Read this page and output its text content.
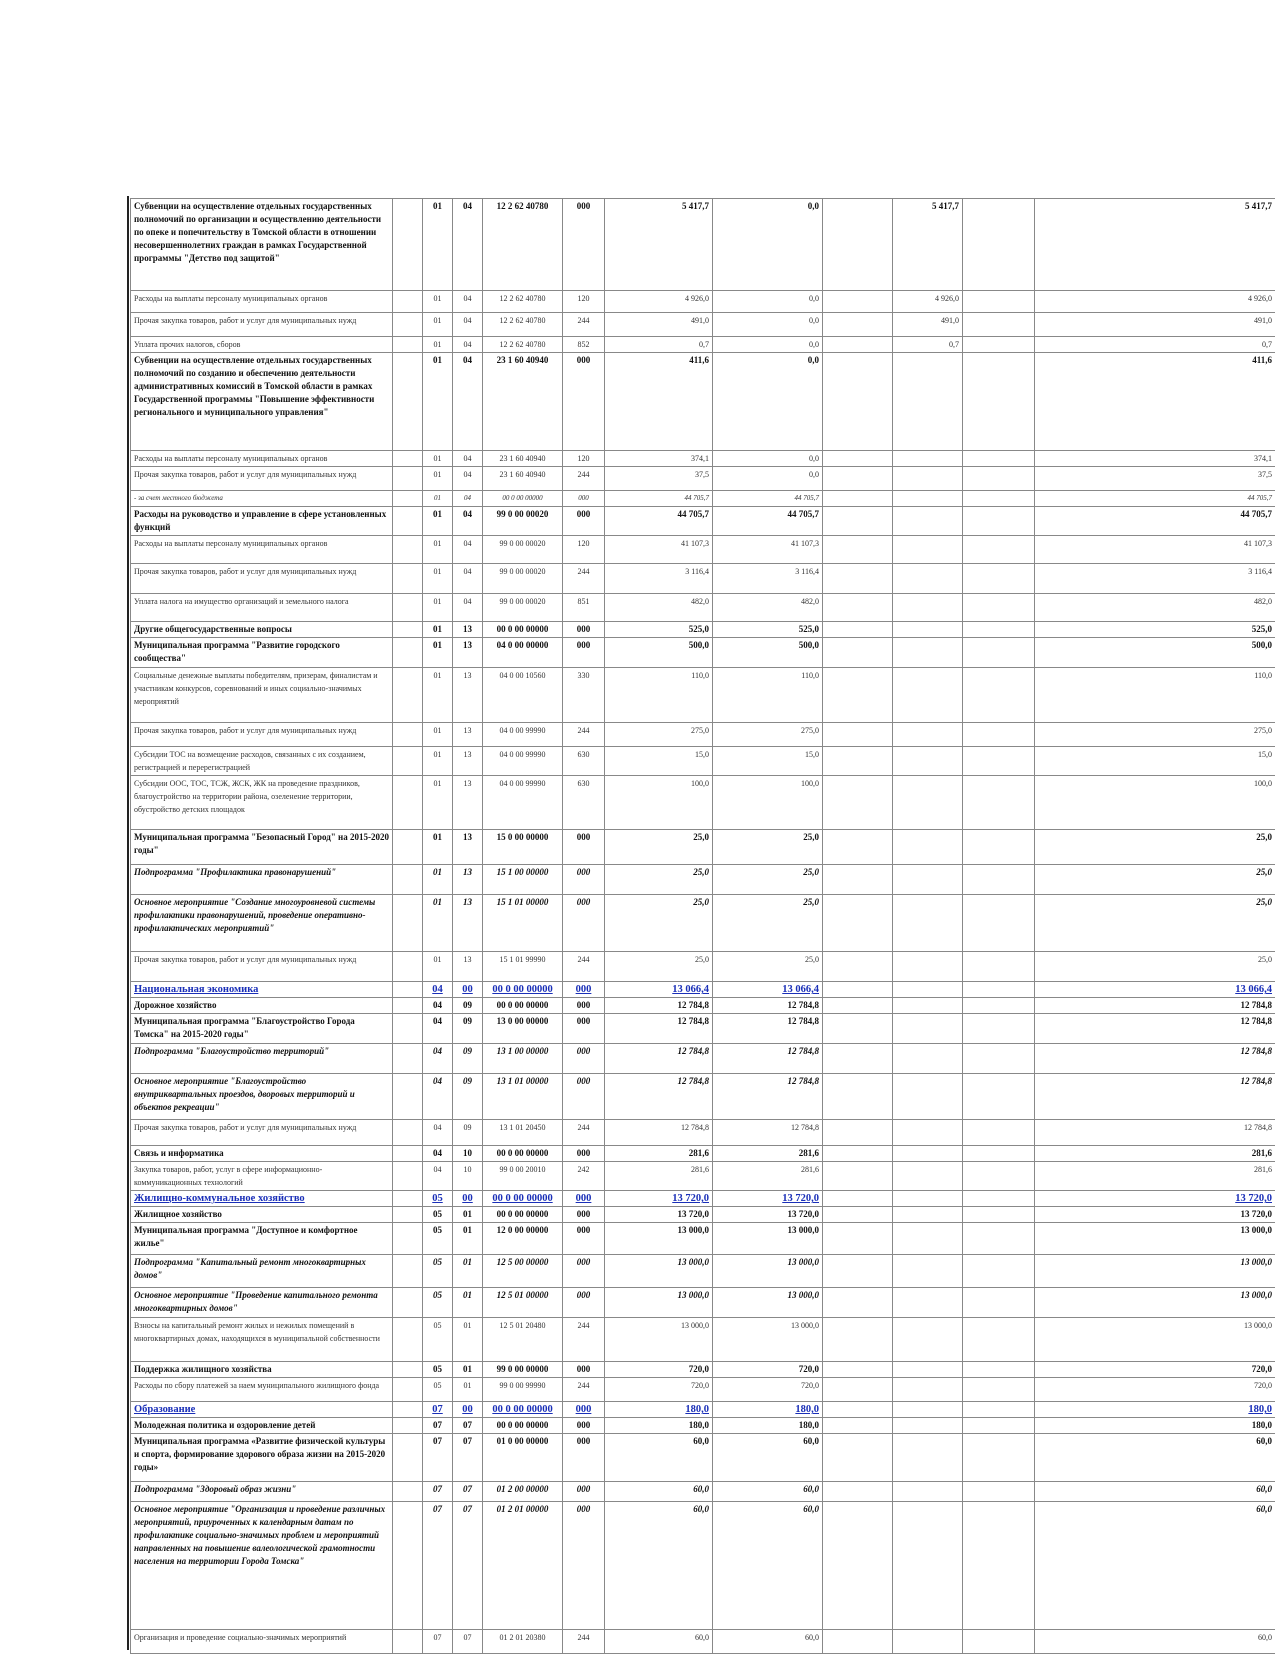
Субвенции на осуществление отдельных государственных полномочий по организации и осуществлению деятельности по опеке и попечительству в Томской области в отношении несовершеннолетних граждан в рамках Государственной программы "Детство под защитой"		01	04	12 2 62 40780	000	5 417,7	0,0		5 417,7		5 417,7
Расходы на выплаты персоналу муниципальных органов		01	04	12 2 62 40780	120	4 926,0	0,0		4 926,0		4 926,0
Прочая закупка товаров, работ и услуг для муниципальных нужд		01	04	12 2 62 40780	244	491,0	0,0		491,0		491,0
Уплата прочих налогов, сборов		01	04	12 2 62 40780	852	0,7	0,0		0,7		0,7
Субвенции на осуществление отдельных государственных полномочий по созданию и обеспечению деятельности административных комиссий в Томской области в рамках Государственной программы "Повышение эффективности регионального и муниципального управления"		01	04	23 1 60 40940	000	411,6	0,0				411,6
Расходы на выплаты персоналу муниципальных органов		01	04	23 1 60 40940	120	374,1	0,0				374,1
Прочая закупка товаров, работ и услуг для муниципальных нужд		01	04	23 1 60 40940	244	37,5	0,0				37,5
- за счет местного бюджета		01	04	00 0 00 00000	000	44 705,7	44 705,7				44 705,7
Расходы на руководство и управление в сфере установленных функций		01	04	99 0 00 00020	000	44 705,7	44 705,7				44 705,7
Расходы на выплаты персоналу муниципальных органов		01	04	99 0 00 00020	120	41 107,3	41 107,3				41 107,3
Прочая закупка товаров, работ и услуг для муниципальных нужд		01	04	99 0 00 00020	244	3 116,4	3 116,4				3 116,4
Уплата налога на имущество организаций и земельного налога		01	04	99 0 00 00020	851	482,0	482,0				482,0
Другие общегосударственные вопросы		01	13	00 0 00 00000	000	525,0	525,0				525,0
Муниципальная программа "Развитие городского сообщества"		01	13	04 0 00 00000	000	500,0	500,0				500,0
Социальные денежные выплаты победителям, призерам, финалистам и участникам конкурсов, соревнований и иных социально-значимых мероприятий		01	13	04 0 00 10560	330	110,0	110,0				110,0
Прочая закупка товаров, работ и услуг для муниципальных нужд		01	13	04 0 00 99990	244	275,0	275,0				275,0
Субсидии ТОС на возмещение расходов, связанных с их созданием, регистрацией и перерегистрацией		01	13	04 0 00 99990	630	15,0	15,0				15,0
Субсидии ООС, ТОС, ТСЖ, ЖСК, ЖК на проведение праздников, благоустройство на территории района, озеленение территории, обустройство детских площадок		01	13	04 0 00 99990	630	100,0	100,0				100,0
Муниципальная программа "Безопасный Город" на 2015-2020 годы"		01	13	15 0 00 00000	000	25,0	25,0				25,0
Подпрограмма "Профилактика правонарушений"		01	13	15 1 00 00000	000	25,0	25,0				25,0
Основное мероприятие "Создание многоуровневой системы профилактики правонарушений, проведение оперативно-профилактических мероприятий"		01	13	15 1 01 00000	000	25,0	25,0				25,0
Прочая закупка товаров, работ и услуг для муниципальных нужд		01	13	15 1 01 99990	244	25,0	25,0				25,0
Национальная экономика		04	00	00 0 00 00000	000	13 066,4	13 066,4				13 066,4
Дорожное хозяйство		04	09	00 0 00 00000	000	12 784,8	12 784,8				12 784,8
Муниципальная программа "Благоустройство Города Томска" на 2015-2020 годы"		04	09	13 0 00 00000	000	12 784,8	12 784,8				12 784,8
Подпрограмма "Благоустройство территорий"		04	09	13 1 00 00000	000	12 784,8	12 784,8				12 784,8
Основное мероприятие "Благоустройство внутриквартальных проездов, дворовых территорий и объектов рекреации"		04	09	13 1 01 00000	000	12 784,8	12 784,8				12 784,8
Прочая закупка товаров, работ и услуг для муниципальных нужд		04	09	13 1 01 20450	244	12 784,8	12 784,8				12 784,8
Связь и информатика		04	10	00 0 00 00000	000	281,6	281,6				281,6
Закупка товаров, работ, услуг в сфере информационно-коммуникационных технологий		04	10	99 0 00 20010	242	281,6	281,6				281,6
Жилищно-коммунальное хозяйство		05	00	00 0 00 00000	000	13 720,0	13 720,0				13 720,0
Жилищное хозяйство		05	01	00 0 00 00000	000	13 720,0	13 720,0				13 720,0
Муниципальная программа "Доступное и комфортное жилье"		05	01	12 0 00 00000	000	13 000,0	13 000,0				13 000,0
Подпрограмма "Капитальный ремонт многоквартирных домов"		05	01	12 5 00 00000	000	13 000,0	13 000,0				13 000,0
Основное мероприятие "Проведение капитального ремонта многоквартирных домов"		05	01	12 5 01 00000	000	13 000,0	13 000,0				13 000,0
Взносы на капитальный ремонт жилых и нежилых помещений в многоквартирных домах, находящихся в муниципальной собственности		05	01	12 5 01 20480	244	13 000,0	13 000,0				13 000,0
Поддержка жилищного хозяйства		05	01	99 0 00 00000	000	720,0	720,0				720,0
Расходы по сбору платежей за наем муниципального жилищного фонда		05	01	99 0 00 99990	244	720,0	720,0				720,0
Образование		07	00	00 0 00 00000	000	180,0	180,0				180,0
Молодежная политика и оздоровление детей		07	07	00 0 00 00000	000	180,0	180,0				180,0
Муниципальная программа «Развитие физической культуры и спорта, формирование здорового образа жизни на 2015-2020 годы»		07	07	01 0 00 00000	000	60,0	60,0				60,0
Подпрограмма "Здоровый образ жизни"		07	07	01 2 00 00000	000	60,0	60,0				60,0
Основное мероприятие "Организация и проведение различных мероприятий, приуроченных к календарным датам по профилактике социально-значимых проблем и мероприятий направленных на повышение валеологической грамотности населения на территории Города Томска"		07	07	01 2 01 00000	000	60,0	60,0				60,0
Организация и проведение социально-значимых мероприятий		07	07	01 2 01 20380	244	60,0	60,0				60,0
